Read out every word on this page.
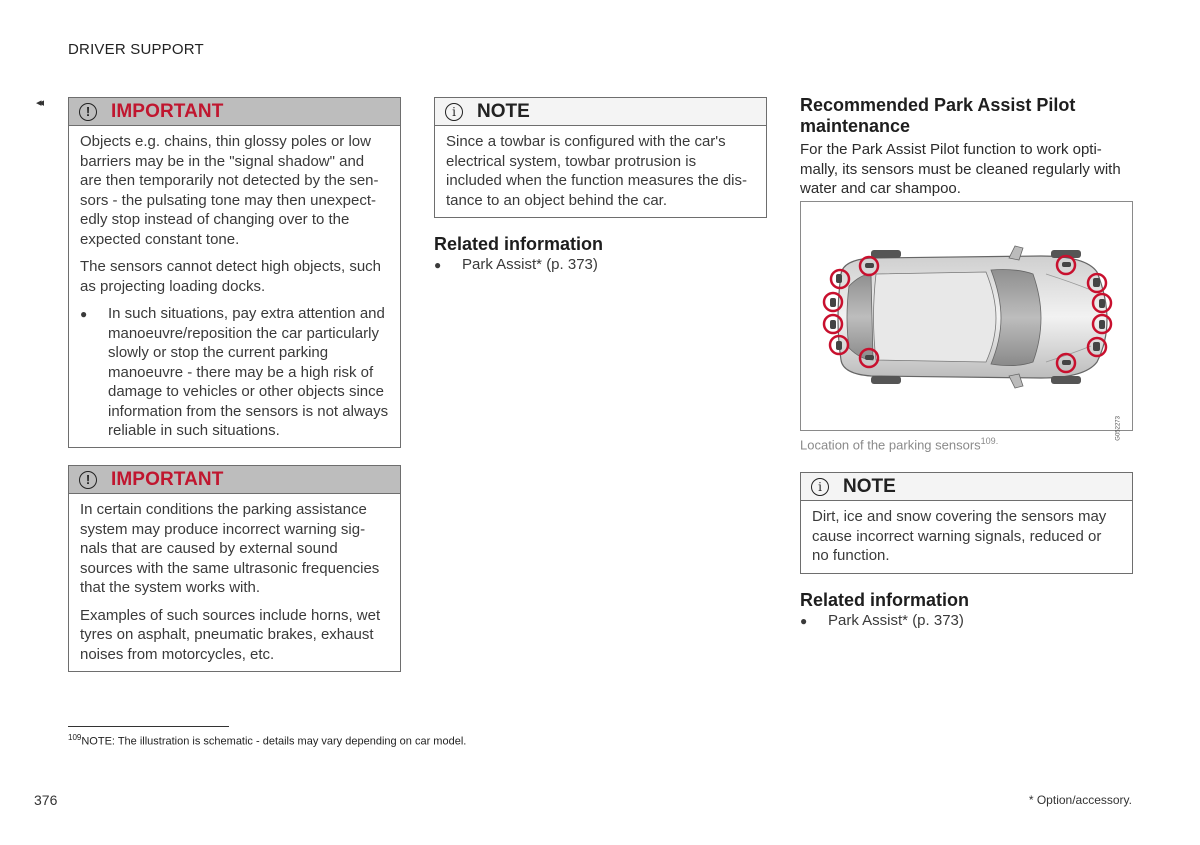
DRIVER SUPPORT
◂◂
!	IMPORTANT

Objects e.g. chains, thin glossy poles or low barriers may be in the "signal shadow" and are then temporarily not detected by the sen- sors - the pulsating tone may then unexpect- edly stop instead of changing over to the expected constant tone.

The sensors cannot detect high objects, such as projecting loading docks.

●	In such situations, pay extra attention and manoeuvre/reposition the car particularly slowly or stop the current parking manoeuvre - there may be a high risk of damage to vehicles or other objects since information from the sensors is not always reliable in such situations.
!	IMPORTANT

In certain conditions the parking assistance system may produce incorrect warning sig- nals that are caused by external sound sources with the same ultrasonic frequencies that the system works with.

Examples of such sources include horns, wet tyres on asphalt, pneumatic brakes, exhaust noises from motorcycles, etc.

i	NOTE

Since a towbar is configured with the car's electrical system, towbar protrusion is included when the function measures the dis- tance to an object behind the car.

Related information
●	Park Assist* (p. 373)
Recommended Park Assist Pilot
maintenance
For the Park Assist Pilot function to work opti- mally, its sensors must be cleaned regularly with water and car shampoo.
G052273
Location of the parking sensors$^{109.}$
i	NOTE

Dirt, ice and snow covering the sensors may cause incorrect warning signals, reduced or no function.

Related information
●	Park Assist* (p. 373)
$^{109}$NOTE: The illustration is schematic - details may vary depending on car model.
376	* Option/accessory.
